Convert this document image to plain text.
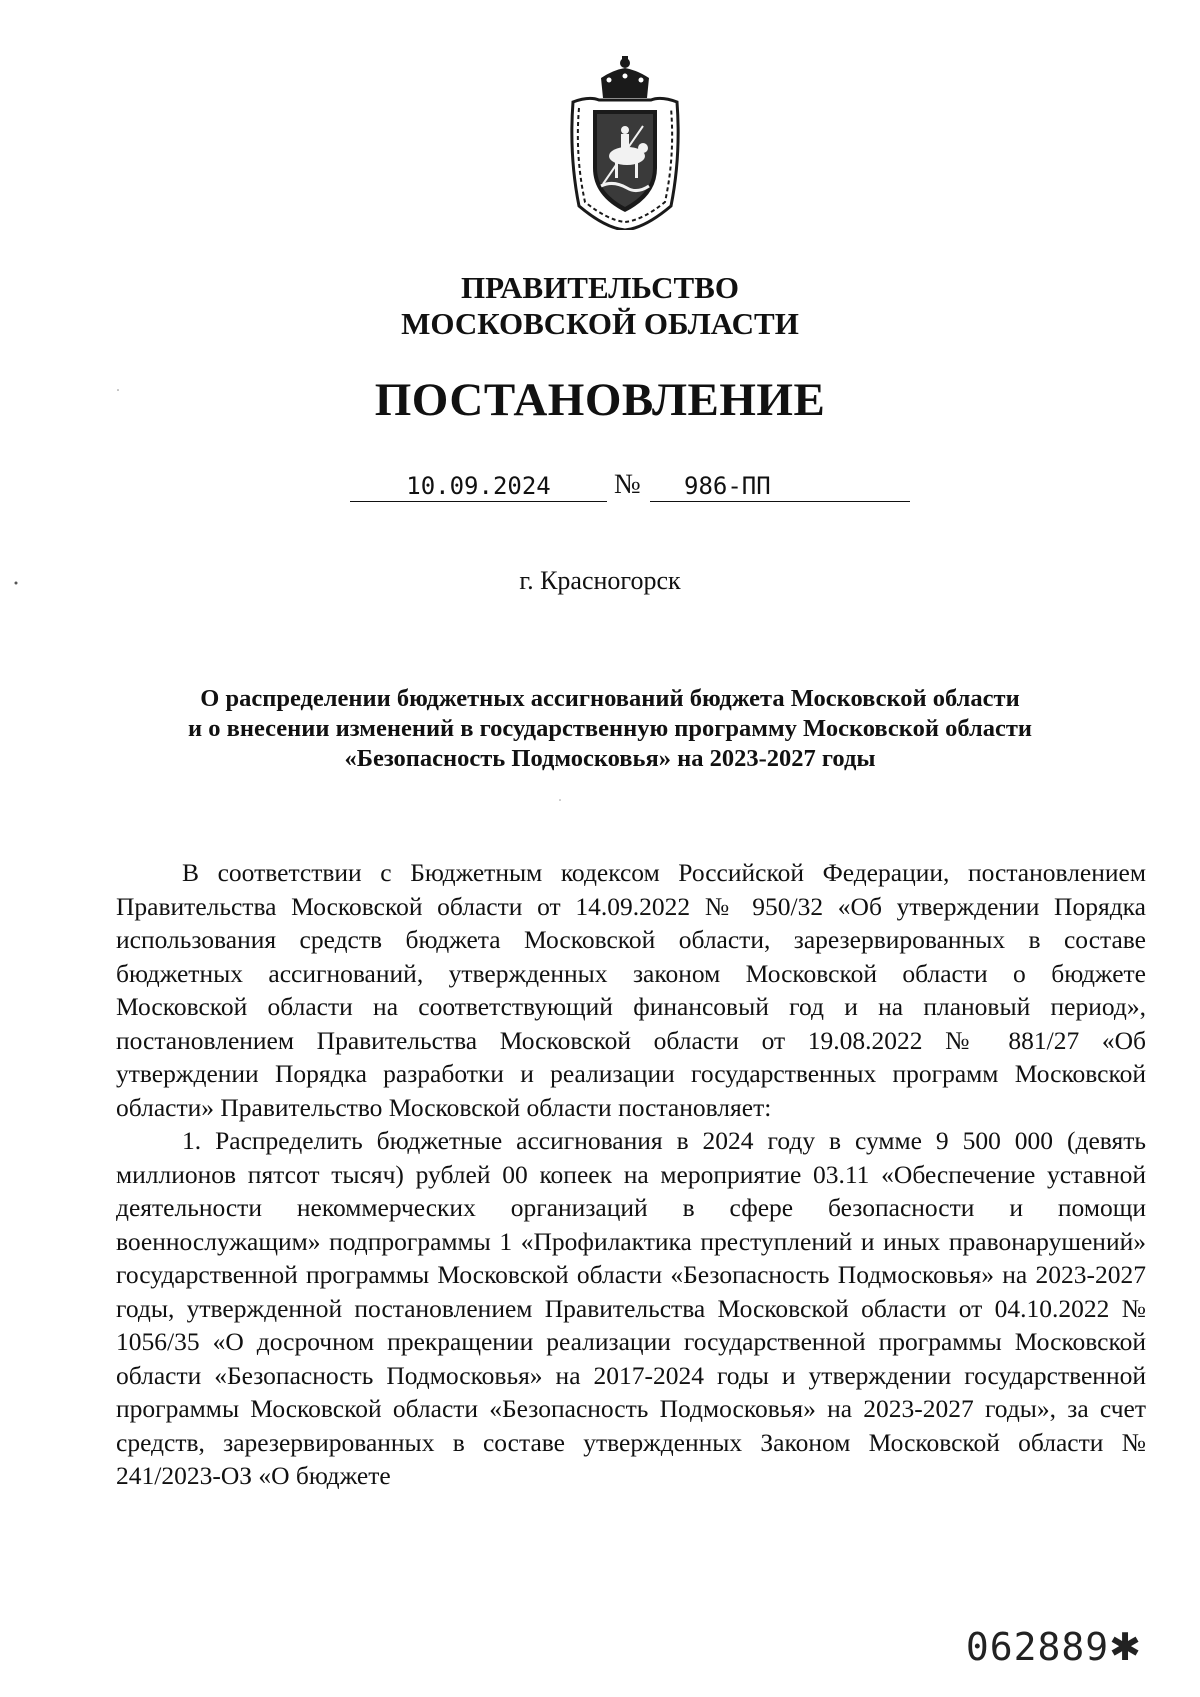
ПРАВИТЕЛЬСТВО
МОСКОВСКОЙ ОБЛАСТИ
ПОСТАНОВЛЕНИЕ
10.09.2024	№	986-ПП
г. Красногорск
О распределении бюджетных ассигнований бюджета Московской области
и о внесении изменений в государственную программу Московской области
«Безопасность Подмосковья» на 2023-2027 годы

В соответствии с Бюджетным кодексом Российской Федерации, постановлением Правительства Московской области от 14.09.2022 № 950/32 «Об утверждении Порядка использования средств бюджета Московской области, зарезервированных в составе бюджетных ассигнований, утвержденных законом Московской области о бюджете Московской области на соответствующий финансовый год и на плановый период», постановлением Правительства Московской области от 19.08.2022 № 881/27 «Об утверждении Порядка разработки и реализации государственных программ Московской области» Правительство Московской области постановляет:

1. Распределить бюджетные ассигнования в 2024 году в сумме 9 500 000 (девять миллионов пятсот тысяч) рублей 00 копеек на мероприятие 03.11 «Обеспечение уставной деятельности некоммерческих организаций в сфере безопасности и помощи военнослужащим» подпрограммы 1 «Профилактика преступлений и иных правонарушений» государственной программы Московской области «Безопасность Подмосковья» на 2023-2027 годы, утвержденной постановлением Правительства Московской области от 04.10.2022 № 1056/35 «О досрочном прекращении реализации государственной программы Московской области «Безопасность Подмосковья» на 2017-2024 годы и утверждении государственной программы Московской области «Безопасность Подмосковья» на 2023-2027 годы», за счет средств, зарезервированных в составе утвержденных Законом Московской области № 241/2023-ОЗ «О бюджете

062889✱
